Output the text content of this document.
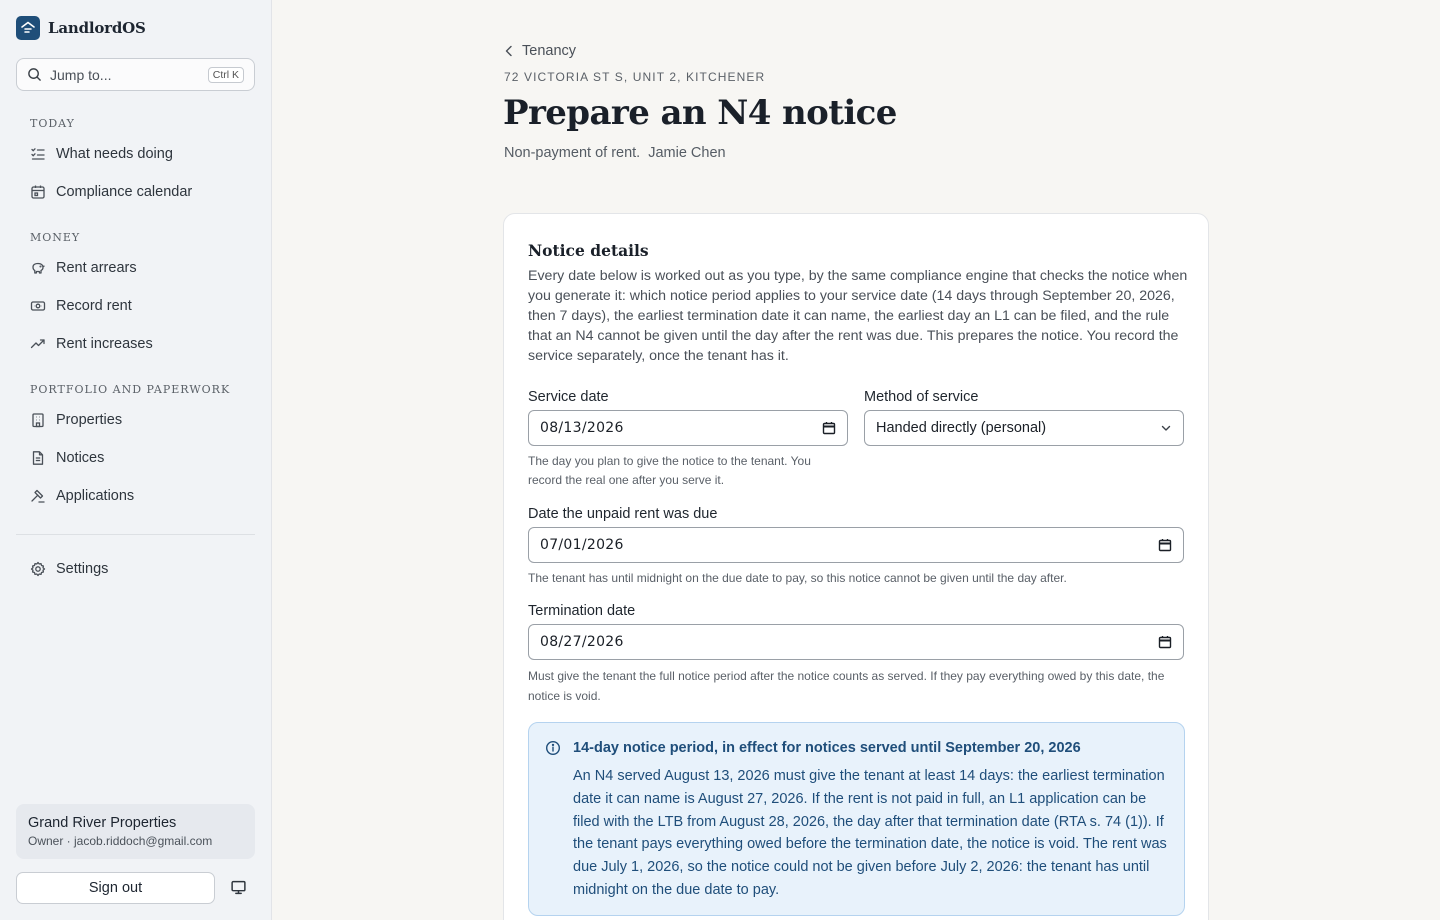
LandlordOS
Jump to...	Ctrl K
TODAY
What needs doing
Compliance calendar
MONEY
Rent arrears
Record rent
Rent increases
PORTFOLIO AND PAPERWORK
Properties
Notices
Applications
Settings
Grand River Properties
Owner · jacob.riddoch@gmail.com
Sign out
Tenancy
72 VICTORIA ST S, UNIT 2, KITCHENER
Prepare an N4 notice
Non-payment of rent. Jamie Chen
Notice details

Every date below is worked out as you type, by the same compliance engine that checks the notice when you generate it: which notice period applies to your service date (14 days through September 20, 2026, then 7 days), the earliest termination date it can name, the earliest day an L1 can be filed, and the rule that an N4 cannot be given until the day after the rent was due. This prepares the notice. You record the service separately, once the tenant has it.

Service date
08/13/2026
The day you plan to give the notice to the tenant. You record the real one after you serve it.
Method of service
Handed directly (personal)
Date the unpaid rent was due
07/01/2026
The tenant has until midnight on the due date to pay, so this notice cannot be given until the day after.
Termination date
08/27/2026
Must give the tenant the full notice period after the notice counts as served. If they pay everything owed by this date, the notice is void.
14-day notice period, in effect for notices served until September 20, 2026
An N4 served August 13, 2026 must give the tenant at least 14 days: the earliest termination date it can name is August 27, 2026. If the rent is not paid in full, an L1 application can be filed with the LTB from August 28, 2026, the day after that termination date (RTA s. 74 (1)). If the tenant pays everything owed before the termination date, the notice is void. The rent was due July 1, 2026, so the notice could not be given before July 2, 2026: the tenant has until midnight on the due date to pay.
